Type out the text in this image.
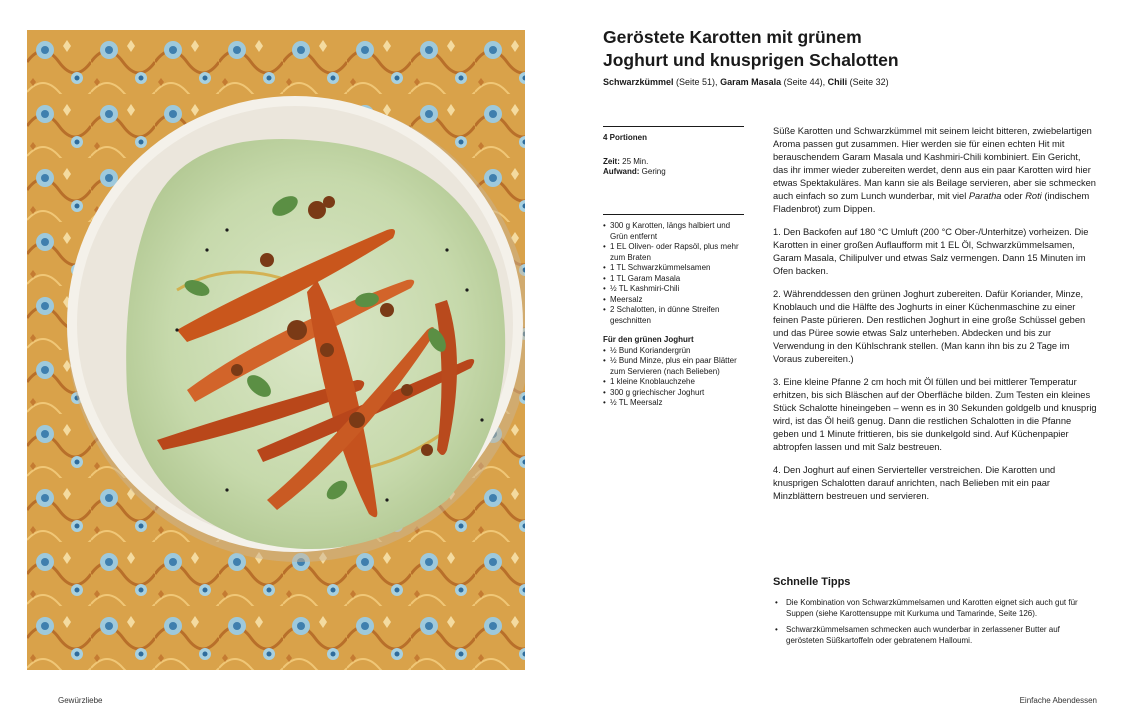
Geröstete Karotten mit grünem
Joghurt und knusprigen Schalotten
Schwarzkümmel (Seite 51), Garam Masala (Seite 44), Chili (Seite 32)
4 Portionen
Zeit: 25 Min.
Aufwand: Gering
• 300 g Karotten, längs halbiert und Grün entfernt
• 1 EL Oliven- oder Rapsöl, plus mehr zum Braten
• 1 TL Schwarzkümmelsamen
• 1 TL Garam Masala
• ½ TL Kashmiri-Chili
• Meersalz
• 2 Schalotten, in dünne Streifen geschnitten
Für den grünen Joghurt
• ½ Bund Koriandergrün
• ½ Bund Minze, plus ein paar Blätter zum Servieren (nach Belieben)
• 1 kleine Knoblauchzehe
• 300 g griechischer Joghurt
• ½ TL Meersalz

Süße Karotten und Schwarzkümmel mit seinem leicht bitteren, zwiebelartigen Aroma passen gut zusammen. Hier werden sie für einen echten Hit mit berauschendem Garam Masala und Kashmiri-Chili kombiniert. Ein Gericht, das ihr immer wieder zubereiten werdet, denn aus ein paar Karotten wird hier etwas Spektakuläres. Man kann sie als Beilage servieren, aber sie schmecken auch einfach so zum Lunch wunderbar, mit viel Paratha oder Roti (indischem Fladenbrot) zum Dippen.

1. Den Backofen auf 180 °C Umluft (200 °C Ober-/Unterhitze) vorheizen. Die Karotten in einer großen Auflaufform mit 1 EL Öl, Schwarzkümmelsamen, Garam Masala, Chilipulver und etwas Salz vermengen. Dann 15 Minuten im Ofen backen.

2. Währenddessen den grünen Joghurt zubereiten. Dafür Koriander, Minze, Knoblauch und die Hälfte des Joghurts in einer Küchenmaschine zu einer feinen Paste pürieren. Den restlichen Joghurt in eine große Schüssel geben und das Püree sowie etwas Salz unterheben. Abdecken und bis zur Verwendung in den Kühlschrank stellen. (Man kann ihn bis zu 2 Tage im Voraus zubereiten.)

3. Eine kleine Pfanne 2 cm hoch mit Öl füllen und bei mittlerer Temperatur erhitzen, bis sich Bläschen auf der Oberfläche bilden. Zum Testen ein kleines Stück Schalotte hineingeben – wenn es in 30 Sekunden goldgelb und knusprig wird, ist das Öl heiß genug. Dann die restlichen Schalotten in die Pfanne geben und 1 Minute frittieren, bis sie dunkelgold sind. Auf Küchenpapier abtropfen lassen und mit Salz bestreuen.

4. Den Joghurt auf einen Servierteller verstreichen. Die Karotten und knusprigen Schalotten darauf anrichten, nach Belieben mit ein paar Minzblättern bestreuen und servieren.

Schnelle Tipps
• Die Kombination von Schwarzkümmelsamen und Karotten eignet sich auch gut für Suppen (siehe Karottensuppe mit Kurkuma und Tamarinde, Seite 126).
• Schwarzkümmelsamen schmecken auch wunderbar in zerlassener Butter auf gerösteten Süßkartoffeln oder gebratenem Halloumi.
Gewürzliebe	Einfache Abendessen
